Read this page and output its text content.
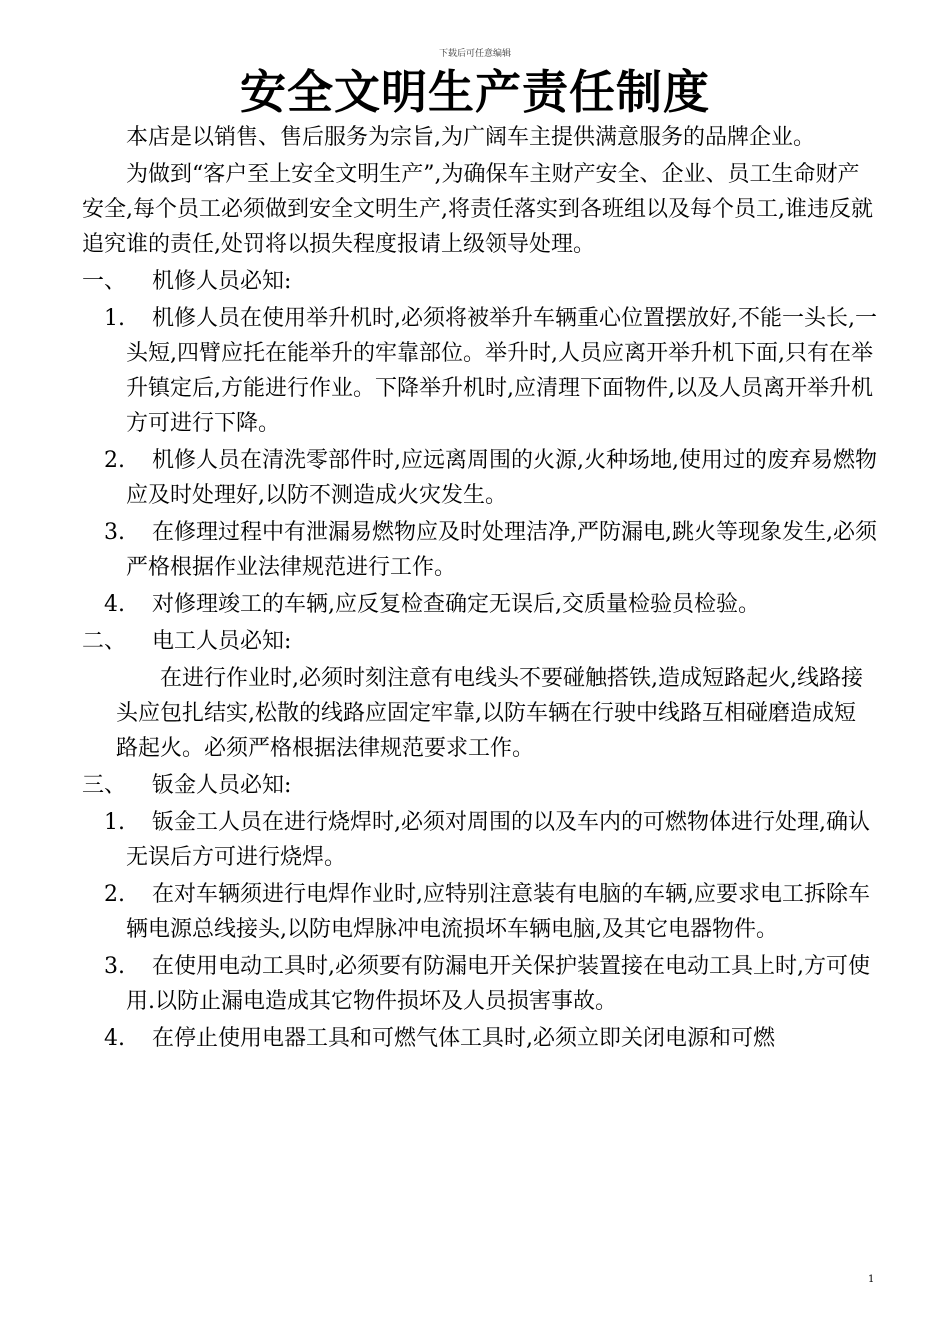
下载后可任意编辑
安全文明生产责任制度

本店是以销售、售后服务为宗旨,为广阔车主提供满意服务的品牌企业。

为做到“客户至上安全文明生产”,为确保车主财产安全、企业、员工生命财产安全,每个员工必须做到安全文明生产,将责任落实到各班组以及每个员工,谁违反就追究谁的责任,处罚将以损失程度报请上级领导处理。

一、	机修人员必知:

1. 机修人员在使用举升机时,必须将被举升车辆重心位置摆放好,不能一头长,一头短,四臂应托在能举升的牢靠部位。举升时,人员应离开举升机下面,只有在举升镇定后,方能进行作业。下降举升机时,应清理下面物件,以及人员离开举升机方可进行下降。

2. 机修人员在清洗零部件时,应远离周围的火源,火种场地,使用过的废弃易燃物应及时处理好,以防不测造成火灾发生。

3. 在修理过程中有泄漏易燃物应及时处理洁净,严防漏电,跳火等现象发生,必须严格根据作业法律规范进行工作。

4. 对修理竣工的车辆,应反复检查确定无误后,交质量检验员检验。

二、	电工人员必知:

在进行作业时,必须时刻注意有电线头不要碰触搭铁,造成短路起火,线路接头应包扎结实,松散的线路应固定牢靠,以防车辆在行驶中线路互相碰磨造成短路起火。必须严格根据法律规范要求工作。

三、	钣金人员必知:

1. 钣金工人员在进行烧焊时,必须对周围的以及车内的可燃物体进行处理,确认无误后方可进行烧焊。

2. 在对车辆须进行电焊作业时,应特别注意装有电脑的车辆,应要求电工拆除车辆电源总线接头,以防电焊脉冲电流损坏车辆电脑,及其它电器物件。

3. 在使用电动工具时,必须要有防漏电开关保护装置接在电动工具上时,方可使用.以防止漏电造成其它物件损坏及人员损害事故。

4. 在停止使用电器工具和可燃气体工具时,必须立即关闭电源和可燃

1
